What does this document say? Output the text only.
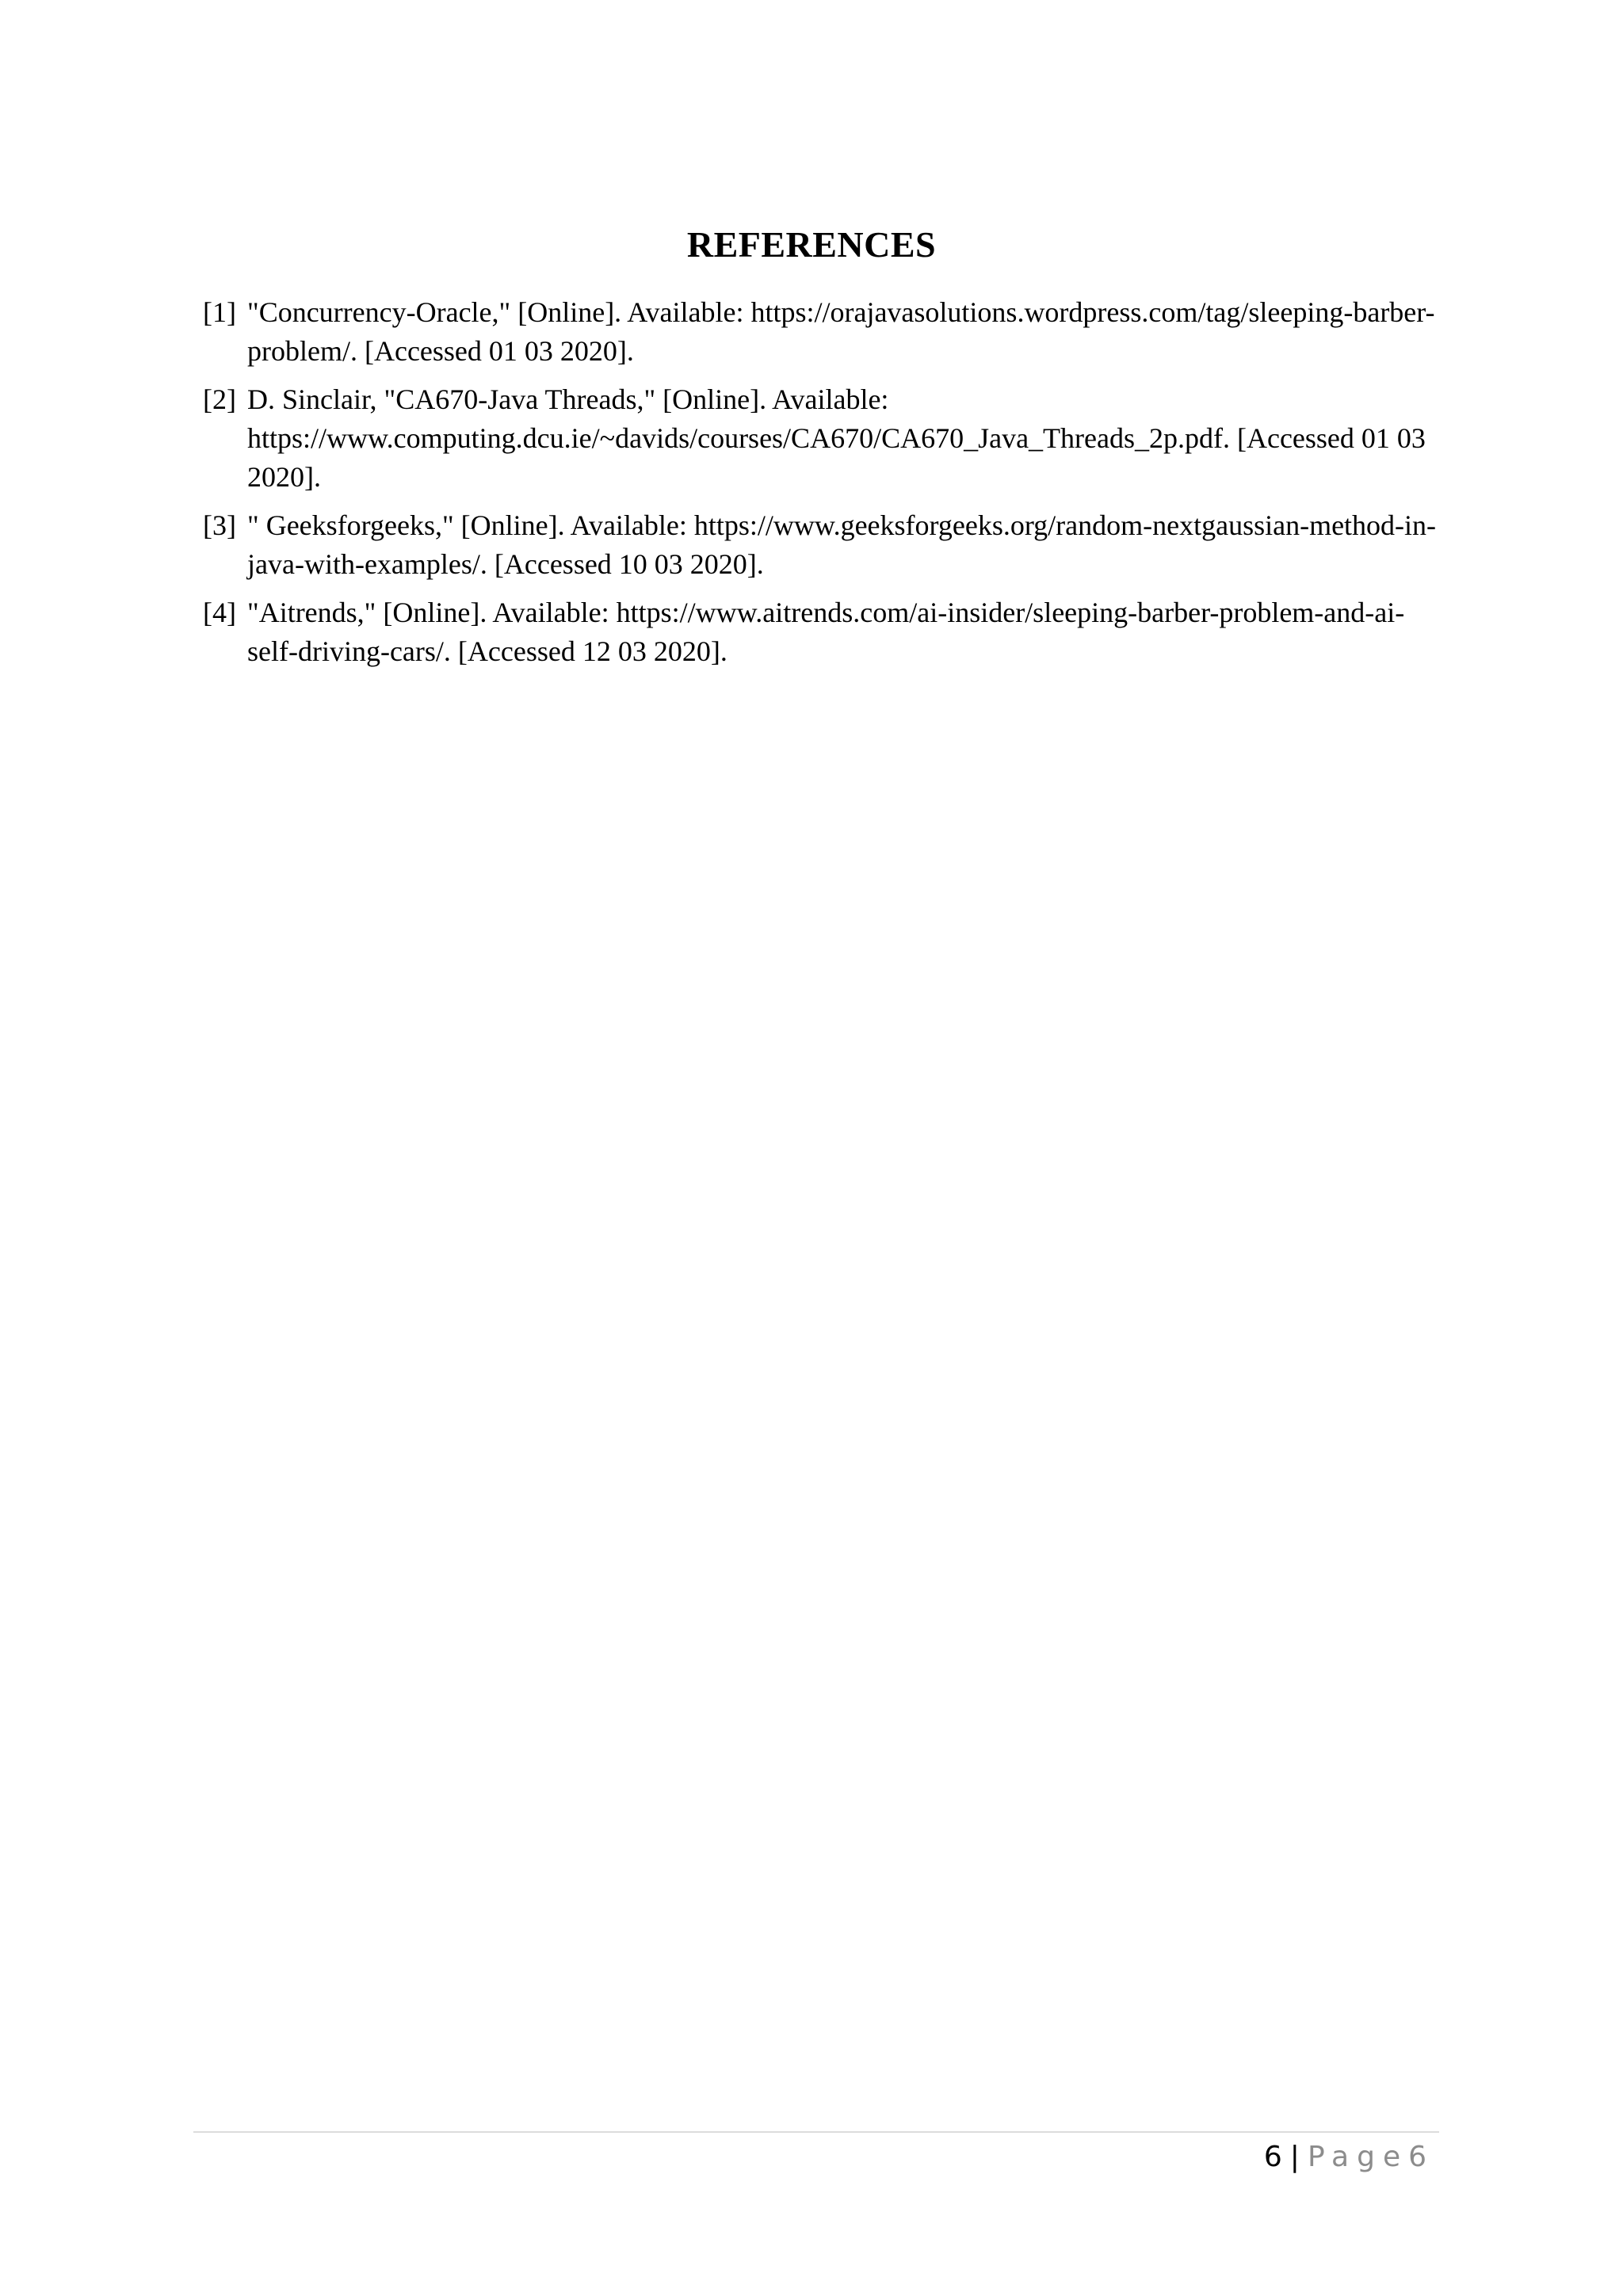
REFERENCES
[1] "Concurrency-Oracle," [Online]. Available: https://orajavasolutions.wordpress.com/tag/sleeping-barber-problem/. [Accessed 01 03 2020].
[2] D. Sinclair, "CA670-Java Threads," [Online]. Available: https://www.computing.dcu.ie/~davids/courses/CA670/CA670_Java_Threads_2p.pdf. [Accessed 01 03 2020].
[3] " Geeksforgeeks," [Online]. Available: https://www.geeksforgeeks.org/random-nextgaussian-method-in-java-with-examples/. [Accessed 10 03 2020].
[4] "Aitrends," [Online]. Available: https://www.aitrends.com/ai-insider/sleeping-barber-problem-and-ai-self-driving-cars/. [Accessed 12 03 2020].
6 | Page6
